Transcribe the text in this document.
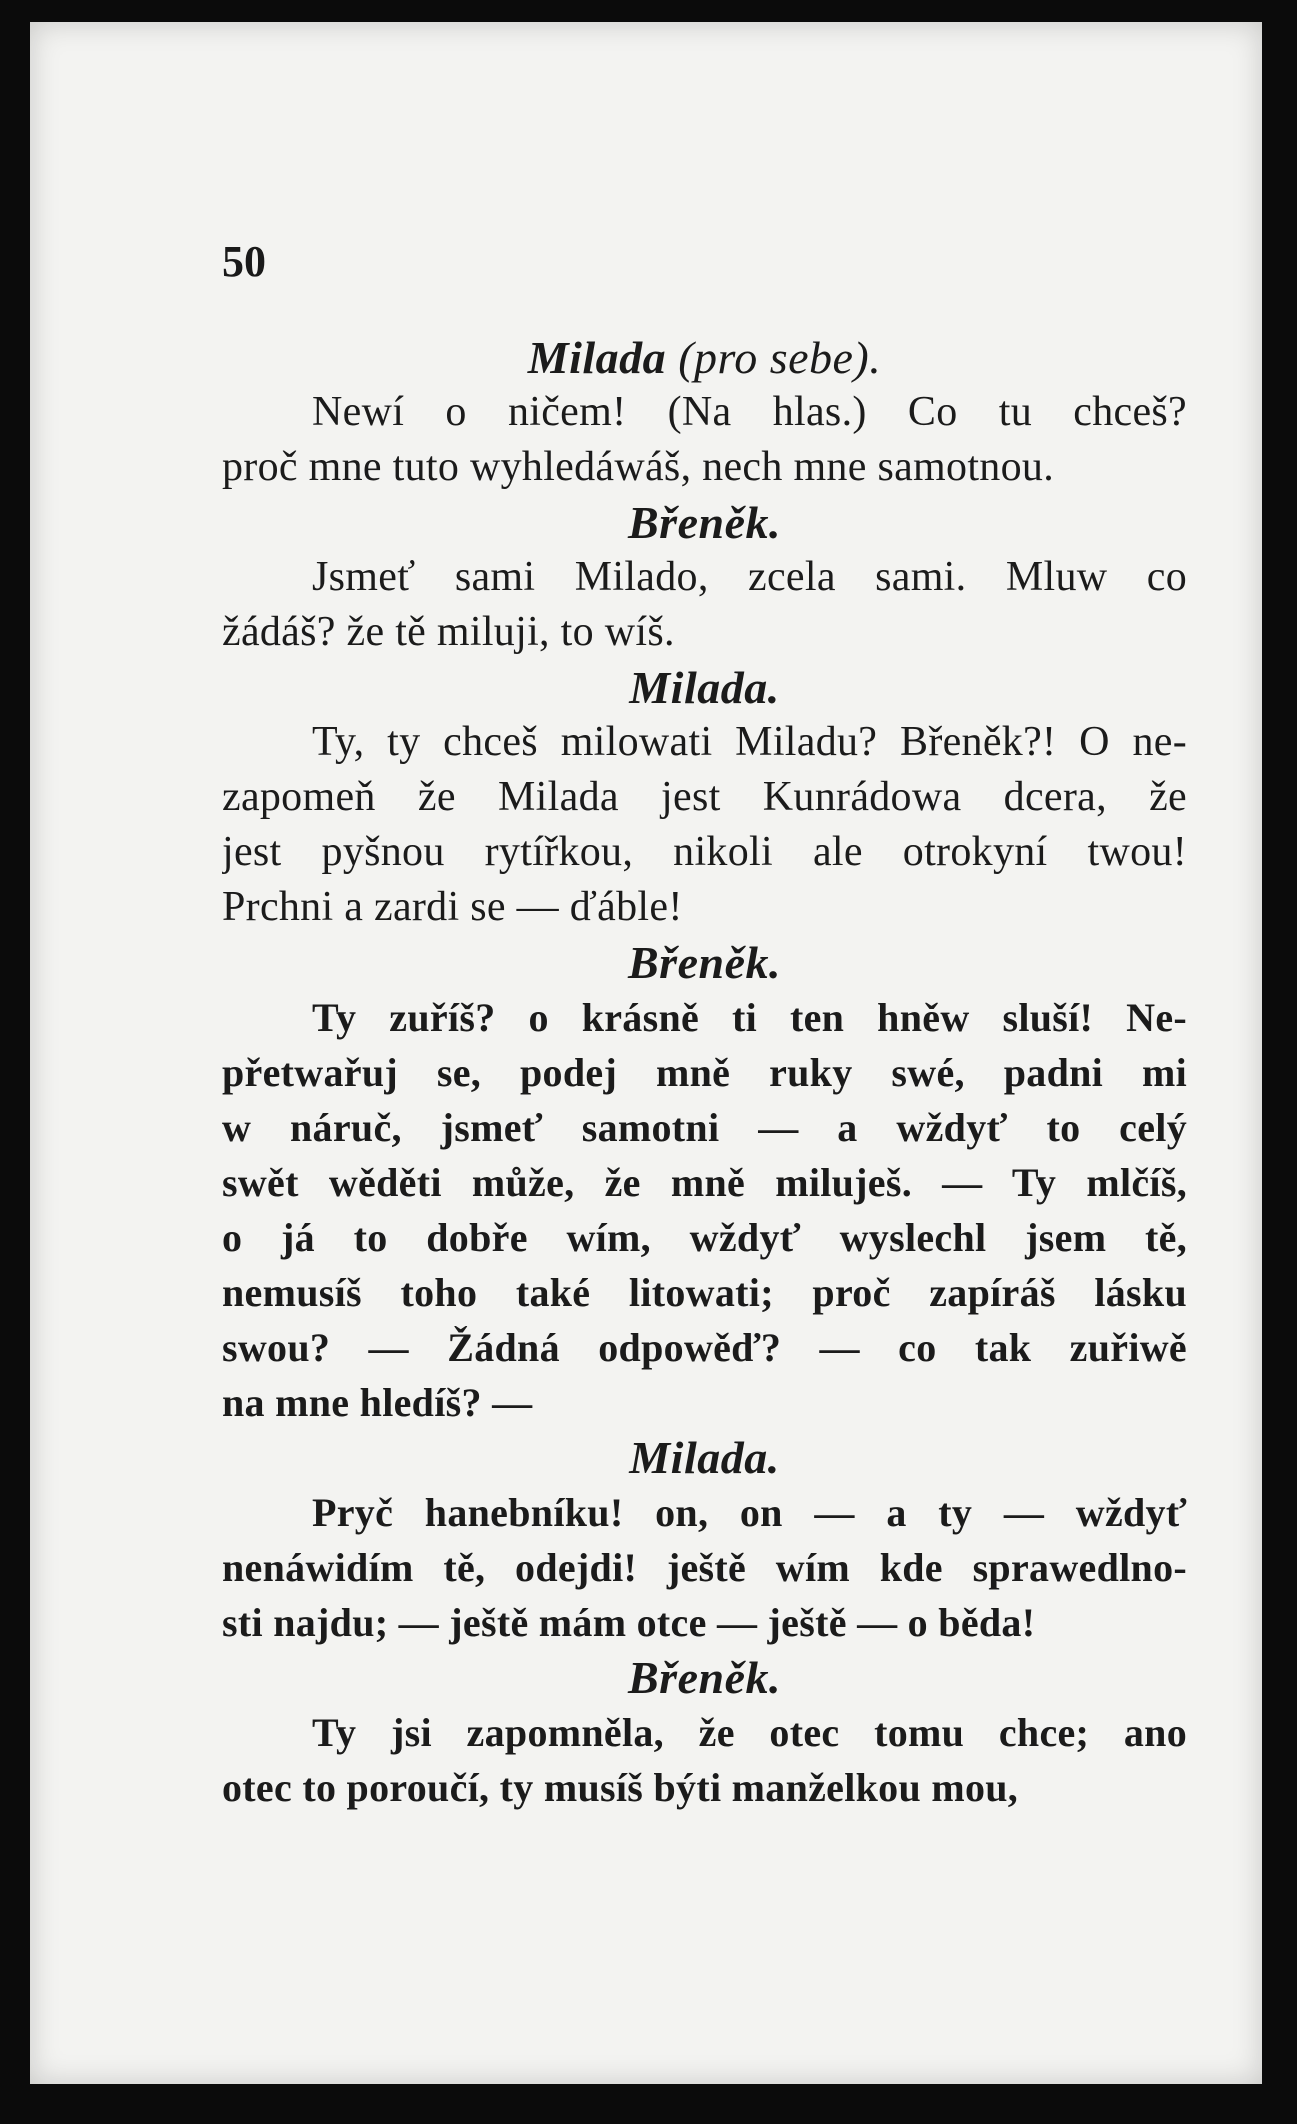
50

Milada (pro sebe).

Newí o ničem! (Na hlas.) Co tu chceš?
proč mne tuto wyhledáwáš, nech mne samotnou.

Břeněk.

Jsmeť sami Milado, zcela sami. Mluw co
žádáš? že tě miluji, to wíš.

Milada.

Ty, ty chceš milowati Miladu? Břeněk?! O ne-
zapomeň že Milada jest Kunrádowa dcera, že
jest pyšnou rytířkou, nikoli ale otrokyní twou!
Prchni a zardi se — ďáble!

Břeněk.

Ty zuříš? o krásně ti ten hněw sluší! Ne-
přetwařuj se, podej mně ruky swé, padni mi
w náruč, jsmeť samotni — a wždyť to celý
swět wěděti může, že mně miluješ. — Ty mlčíš,
o já to dobře wím, wždyť wyslechl jsem tě,
nemusíš toho také litowati; proč zapíráš lásku
swou? — Žádná odpowěď? — co tak zuřiwě
na mne hledíš? —

Milada.

Pryč hanebníku! on, on — a ty — wždyť
nenáwidím tě, odejdi! ještě wím kde sprawedlno-
sti najdu; — ještě mám otce — ještě — o běda!

Břeněk.

Ty jsi zapomněla, že otec tomu chce; ano
otec to poroučí, ty musíš býti manželkou mou,
